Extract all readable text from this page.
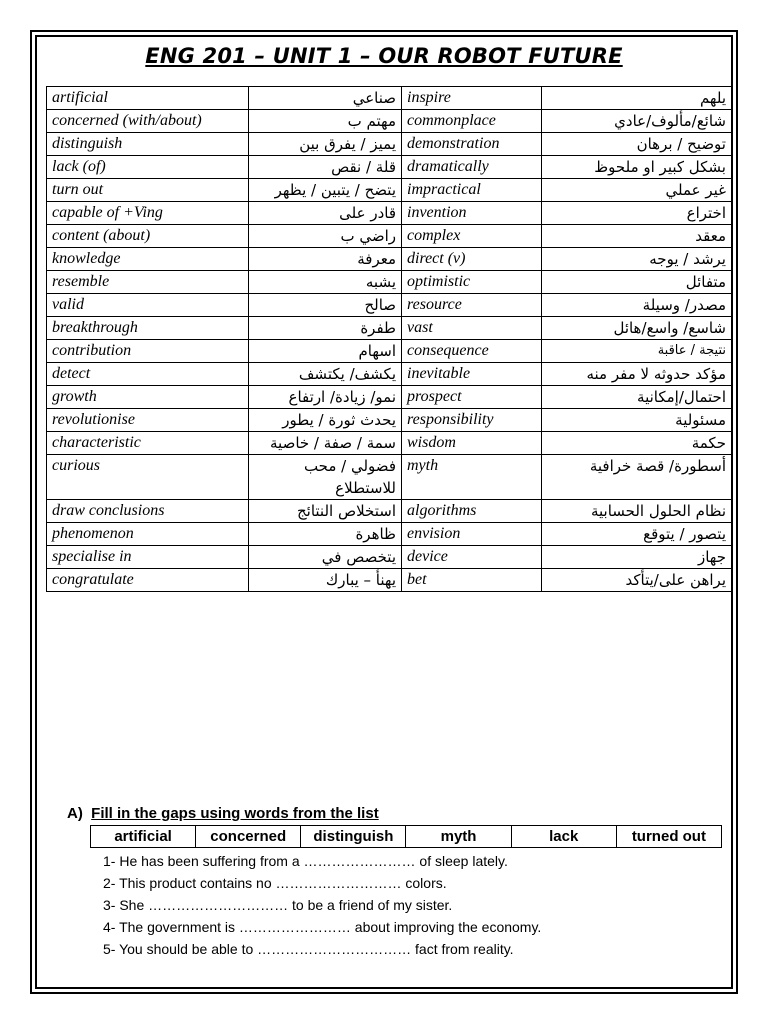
ENG 201 – UNIT 1 – OUR ROBOT FUTURE
artificial	صناعي	inspire	يلهم
concerned (with/about)	مهتم ب	commonplace	شائع/مألوف/عادي
distinguish	يميز / يفرق بين	demonstration	توضيح / برهان
lack (of)	قلة / نقص	dramatically	بشكل كبير او ملحوظ
turn out	يتضح / يتبين / يظهر	impractical	غير عملي
capable of +Ving	قادر على	invention	اختراع
content (about)	راضي ب	complex	معقد
knowledge	معرفة	direct (v)	يرشد / يوجه
resemble	يشبه	optimistic	متفائل
valid	صالح	resource	مصدر/ وسيلة
breakthrough	طفرة	vast	شاسع/ واسع/هائل
contribution	اسهام	consequence	نتيجة / عاقبة
detect	يكشف/ يكتشف	inevitable	مؤكد حدوثه لا مفر منه
growth	نمو/ زيادة/ ارتفاع	prospect	احتمال/إمكانية
revolutionise	يحدث ثورة / يطور	responsibility	مسئولية
characteristic	سمة / صفة / خاصية	wisdom	حكمة
curious	فضولي / محب للاستطلاع	myth	أسطورة/ قصة خرافية
draw conclusions	استخلاص النتائج	algorithms	نظام الحلول الحسابية
phenomenon	ظاهرة	envision	يتصور / يتوقع
specialise in	يتخصص في	device	جهاز
congratulate	يهنأ – يبارك	bet	يراهن على/يتأكد
A) Fill in the gaps using words from the list
artificial	concerned	distinguish	myth	lack	turned out
1- He has been suffering from a …………………… of sleep lately.
2- This product contains no ……………………… colors.
3- She ………………………… to be a friend of my sister.
4- The government is …………………… about improving the economy.
5- You should be able to …………………………… fact from reality.
